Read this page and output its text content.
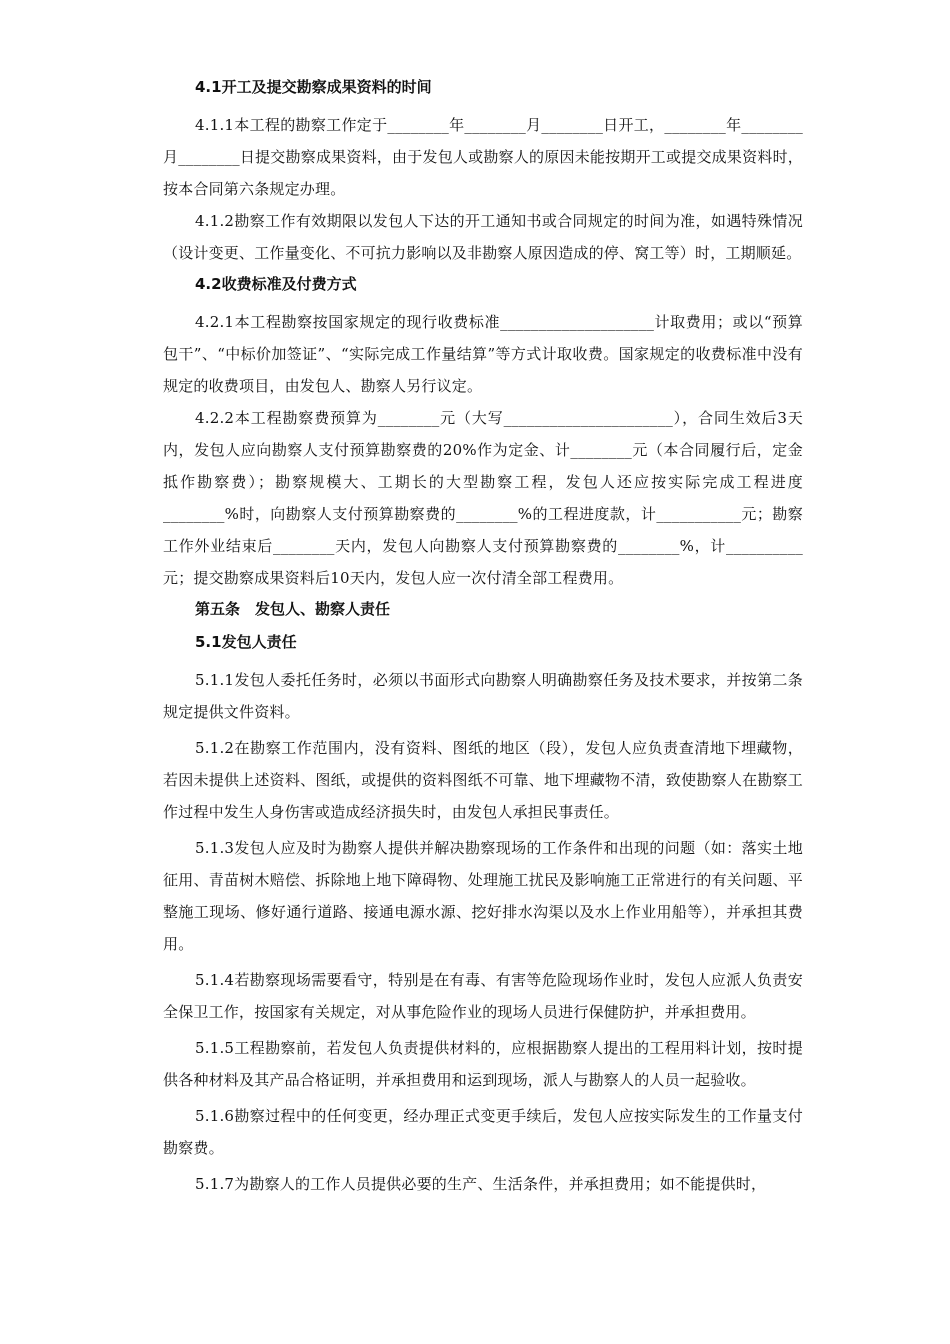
4.1开工及提交勘察成果资料的时间
4.1.1本工程的勘察工作定于________年________月________日开工，________年________月________日提交勘察成果资料，由于发包人或勘察人的原因未能按期开工或提交成果资料时，按本合同第六条规定办理。
4.1.2勘察工作有效期限以发包人下达的开工通知书或合同规定的时间为准，如遇特殊情况（设计变更、工作量变化、不可抗力影响以及非勘察人原因造成的停、窝工等）时，工期顺延。
4.2收费标准及付费方式
4.2.1本工程勘察按国家规定的现行收费标准____________________计取费用；或以“预算包干”、“中标价加签证”、“实际完成工作量结算”等方式计取收费。国家规定的收费标准中没有规定的收费项目，由发包人、勘察人另行议定。
4.2.2本工程勘察费预算为________元（大写______________________），合同生效后3天内，发包人应向勘察人支付预算勘察费的20%作为定金、计________元（本合同履行后，定金抵作勘察费）；勘察规模大、工期长的大型勘察工程，发包人还应按实际完成工程进度________%时，向勘察人支付预算勘察费的________%的工程进度款，计___________元；勘察工作外业结束后________天内，发包人向勘察人支付预算勘察费的________%，计__________元；提交勘察成果资料后10天内，发包人应一次付清全部工程费用。
第五条　发包人、勘察人责任
5.1发包人责任
5.1.1发包人委托任务时，必须以书面形式向勘察人明确勘察任务及技术要求，并按第二条规定提供文件资料。
5.1.2在勘察工作范围内，没有资料、图纸的地区（段），发包人应负责查清地下埋藏物，若因未提供上述资料、图纸，或提供的资料图纸不可靠、地下埋藏物不清，致使勘察人在勘察工作过程中发生人身伤害或造成经济损失时，由发包人承担民事责任。
5.1.3发包人应及时为勘察人提供并解决勘察现场的工作条件和出现的问题（如：落实土地征用、青苗树木赔偿、拆除地上地下障碍物、处理施工扰民及影响施工正常进行的有关问题、平整施工现场、修好通行道路、接通电源水源、挖好排水沟渠以及水上作业用船等），并承担其费用。
5.1.4若勘察现场需要看守，特别是在有毒、有害等危险现场作业时，发包人应派人负责安全保卫工作，按国家有关规定，对从事危险作业的现场人员进行保健防护，并承担费用。
5.1.5工程勘察前，若发包人负责提供材料的，应根据勘察人提出的工程用料计划，按时提供各种材料及其产品合格证明，并承担费用和运到现场，派人与勘察人的人员一起验收。
5.1.6勘察过程中的任何变更，经办理正式变更手续后，发包人应按实际发生的工作量支付勘察费。
5.1.7为勘察人的工作人员提供必要的生产、生活条件，并承担费用；如不能提供时，
